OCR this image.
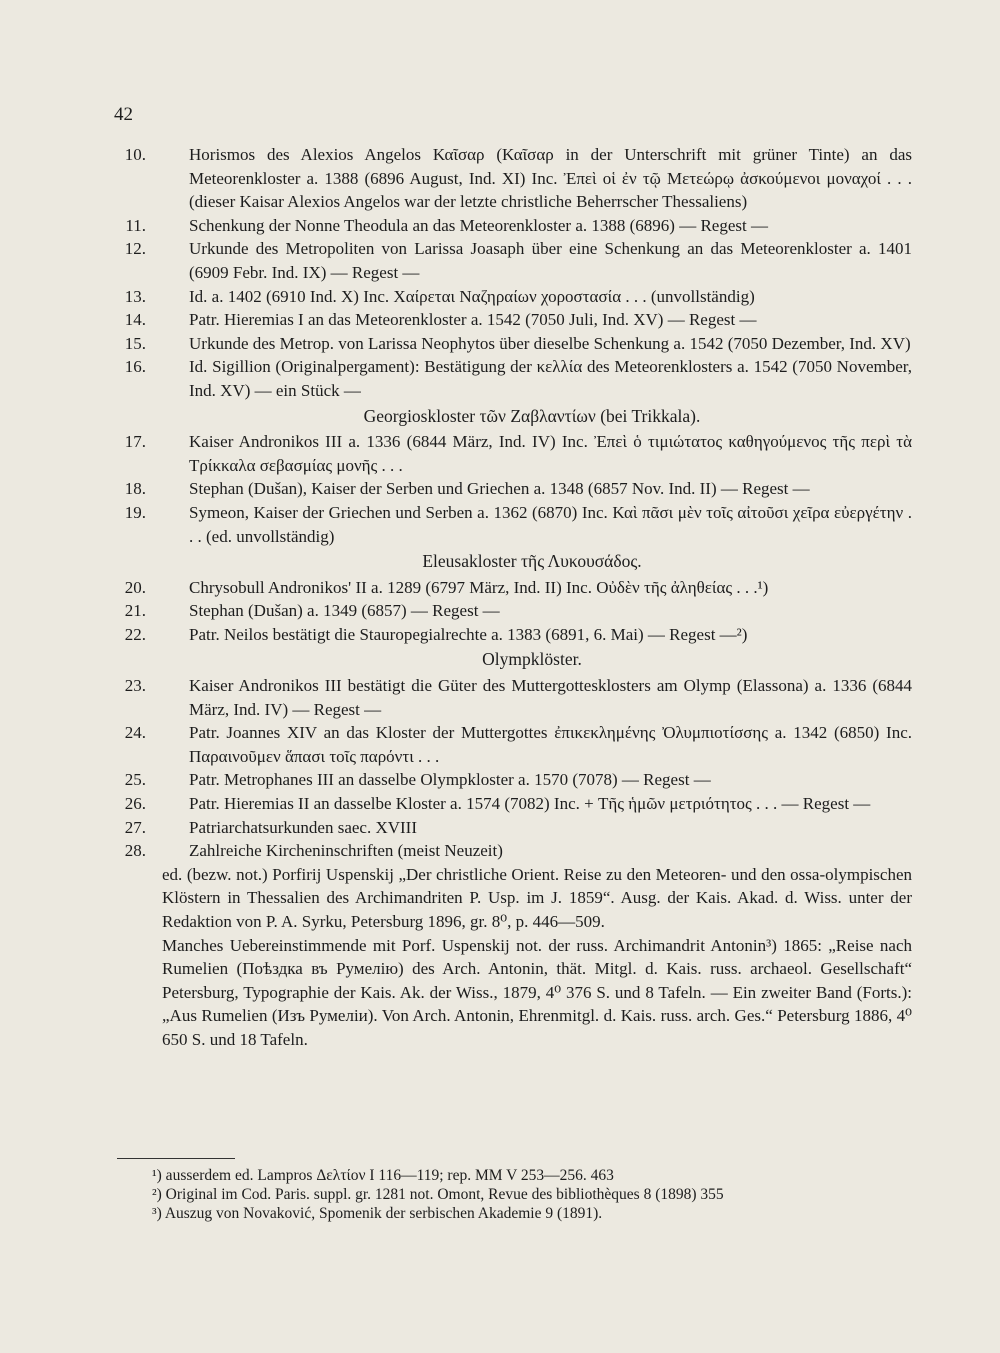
42
10.	Horismos des Alexios Angelos Καῖσαρ (Καῖσαρ in der Unterschrift mit grüner Tinte) an das Meteorenkloster a. 1388 (6896 August, Ind. XI) Inc. Ἐπεὶ οἱ ἐν τῷ Μετεώρῳ ἀσκούμενοι μοναχοί . . . (dieser Kaisar Alexios Angelos war der letzte christliche Beherrscher Thessaliens)
11.	Schenkung der Nonne Theodula an das Meteorenkloster a. 1388 (6896) — Regest —
12.	Urkunde des Metropoliten von Larissa Joasaph über eine Schenkung an das Meteorenkloster a. 1401 (6909 Febr. Ind. IX) — Regest —
13.	Id. a. 1402 (6910 Ind. X) Inc. Χαίρεται Ναζηραίων χοροστασία . . . (unvollständig)
14.	Patr. Hieremias I an das Meteorenkloster a. 1542 (7050 Juli, Ind. XV) — Regest —
15.	Urkunde des Metrop. von Larissa Neophytos über dieselbe Schenkung a. 1542 (7050 Dezember, Ind. XV)
16.	Id. Sigillion (Originalpergament): Bestätigung der κελλία des Meteorenklosters a. 1542 (7050 November, Ind. XV) — ein Stück —
Georgioskloster τῶν Ζαβλαντίων (bei Trikkala).
17.	Kaiser Andronikos III a. 1336 (6844 März, Ind. IV) Inc. Ἐπεὶ ὁ τιμιώτατος καθηγούμενος τῆς περὶ τὰ Τρίκκαλα σεβασμίας μονῆς . . .
18.	Stephan (Dušan), Kaiser der Serben und Griechen a. 1348 (6857 Nov. Ind. II) — Regest —
19.	Symeon, Kaiser der Griechen und Serben a. 1362 (6870) Inc. Καὶ πᾶσι μὲν τοῖς αἰτοῦσι χεῖρα εὐεργέτην . . . (ed. unvollständig)
Eleusakloster τῆς Λυκουσάδος.
20.	Chrysobull Andronikos' II a. 1289 (6797 März, Ind. II) Inc. Οὐδὲν τῆς ἀληθείας . . .¹)
21.	Stephan (Dušan) a. 1349 (6857) — Regest —
22.	Patr. Neilos bestätigt die Stauropegialrechte a. 1383 (6891, 6. Mai) — Regest —²)
Olympklöster.
23.	Kaiser Andronikos III bestätigt die Güter des Muttergottesklosters am Olymp (Elassona) a. 1336 (6844 März, Ind. IV) — Regest —
24.	Patr. Joannes XIV an das Kloster der Muttergottes ἐπικεκλημένης Ὀλυμπιοτίσσης a. 1342 (6850) Inc. Παραινοῦμεν ἅπασι τοῖς παρόντι . . .
25.	Patr. Metrophanes III an dasselbe Olympkloster a. 1570 (7078) — Regest —
26.	Patr. Hieremias II an dasselbe Kloster a. 1574 (7082) Inc. + Τῆς ἡμῶν μετριότητος . . . — Regest —
27.	Patriarchatsurkunden saec. XVIII
28.	Zahlreiche Kircheninschriften (meist Neuzeit)
ed. (bezw. not.) Porfirij Uspenskij „Der christliche Orient. Reise zu den Meteoren- und den ossa-olympischen Klöstern in Thessalien des Archimandriten P. Usp. im J. 1859“. Ausg. der Kais. Akad. d. Wiss. unter der Redaktion von P. A. Syrku, Petersburg 1896, gr. 8⁰, p. 446—509.
Manches Uebereinstimmende mit Porf. Uspenskij not. der russ. Archimandrit Antonin³) 1865: „Reise nach Rumelien (Поѣздка въ Румелію) des Arch. Antonin, thät. Mitgl. d. Kais. russ. archaeol. Gesellschaft“ Petersburg, Typographie der Kais. Ak. der Wiss., 1879, 4⁰ 376 S. und 8 Tafeln. — Ein zweiter Band (Forts.): „Aus Rumelien (Изъ Румеліи). Von Arch. Antonin, Ehrenmitgl. d. Kais. russ. arch. Ges.“ Petersburg 1886, 4⁰ 650 S. und 18 Tafeln.
¹) ausserdem ed. Lampros Δελτίον I 116—119; rep. MM V 253—256. 463
²) Original im Cod. Paris. suppl. gr. 1281 not. Omont, Revue des bibliothèques 8 (1898) 355
³) Auszug von Novaković, Spomenik der serbischen Akademie 9 (1891).
